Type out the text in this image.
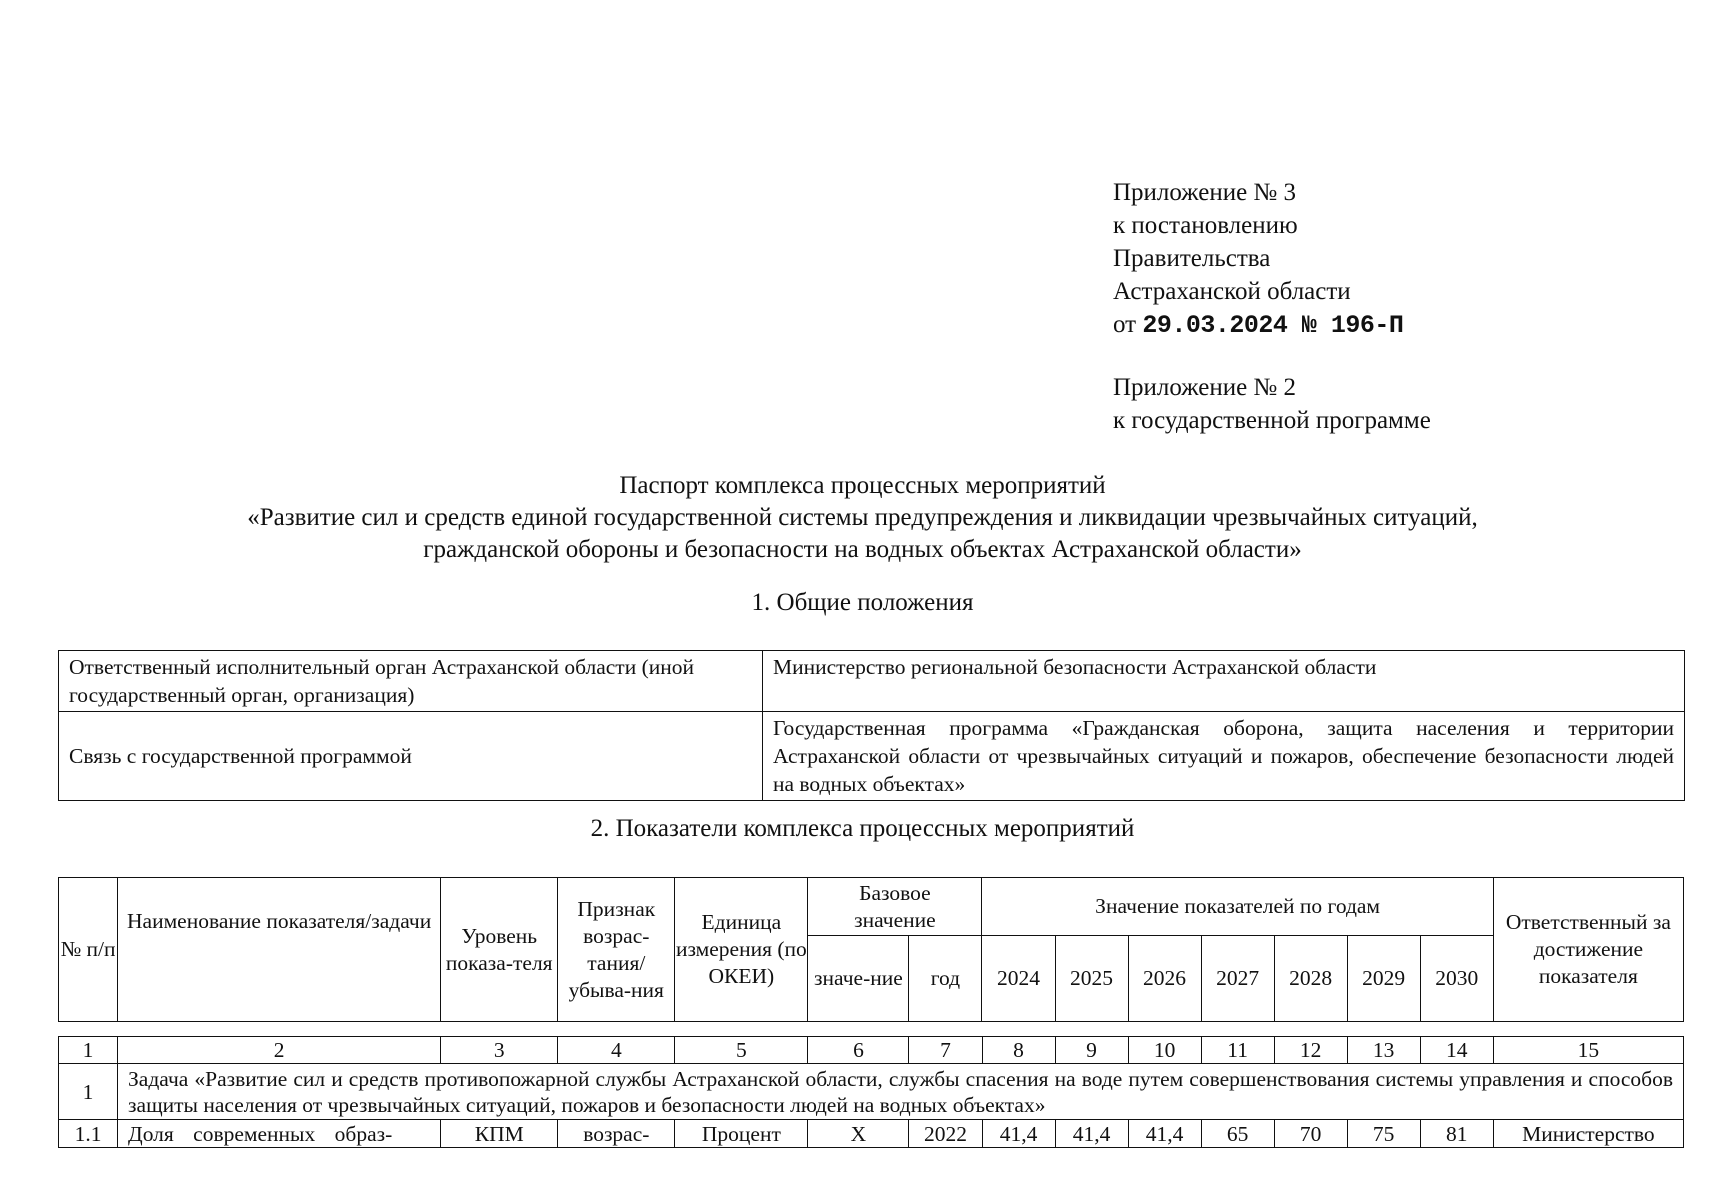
Приложение № 3
к постановлению
Правительства
Астраханской области
от 29.03.2024 № 196-П
Приложение № 2
к государственной программе
Паспорт комплекса процессных мероприятий
«Развитие сил и средств единой государственной системы предупреждения и ликвидации чрезвычайных ситуаций,
гражданской обороны и безопасности на водных объектах Астраханской области»
1. Общие положения
Ответственный исполнительный орган Астраханской области (иной государственный орган, организация)	Министерство региональной безопасности Астраханской области
Связь с государственной программой	Государственная программа «Гражданская оборона, защита населения и территории Астраханской области от чрезвычайных ситуаций и пожаров, обеспечение безопасности людей на водных объектах»
2. Показатели комплекса процессных мероприятий
№ п/п	Наименование показателя/задачи	Уровень показа-теля	Признак возрас-тания/ убыва-ния	Единица измерения (по ОКЕИ)	Базовое значение		Значение показателей по годам							Ответственный за достижение показателя
					значе-ние	год	2024	2025	2026	2027	2028	2029	2030	
1	2	3	4	5	6	7	8	9	10	11	12	13	14	15
1	Задача «Развитие сил и средств противопожарной службы Астраханской области, службы спасения на воде путем совершенствования системы управления и способов защиты населения от чрезвычайных ситуаций, пожаров и безопасности людей на водных объектах»													
1.1	Доля современных образ-	КПМ	возрас-	Процент	Х	2022	41,4	41,4	41,4	65	70	75	81	Министерство
